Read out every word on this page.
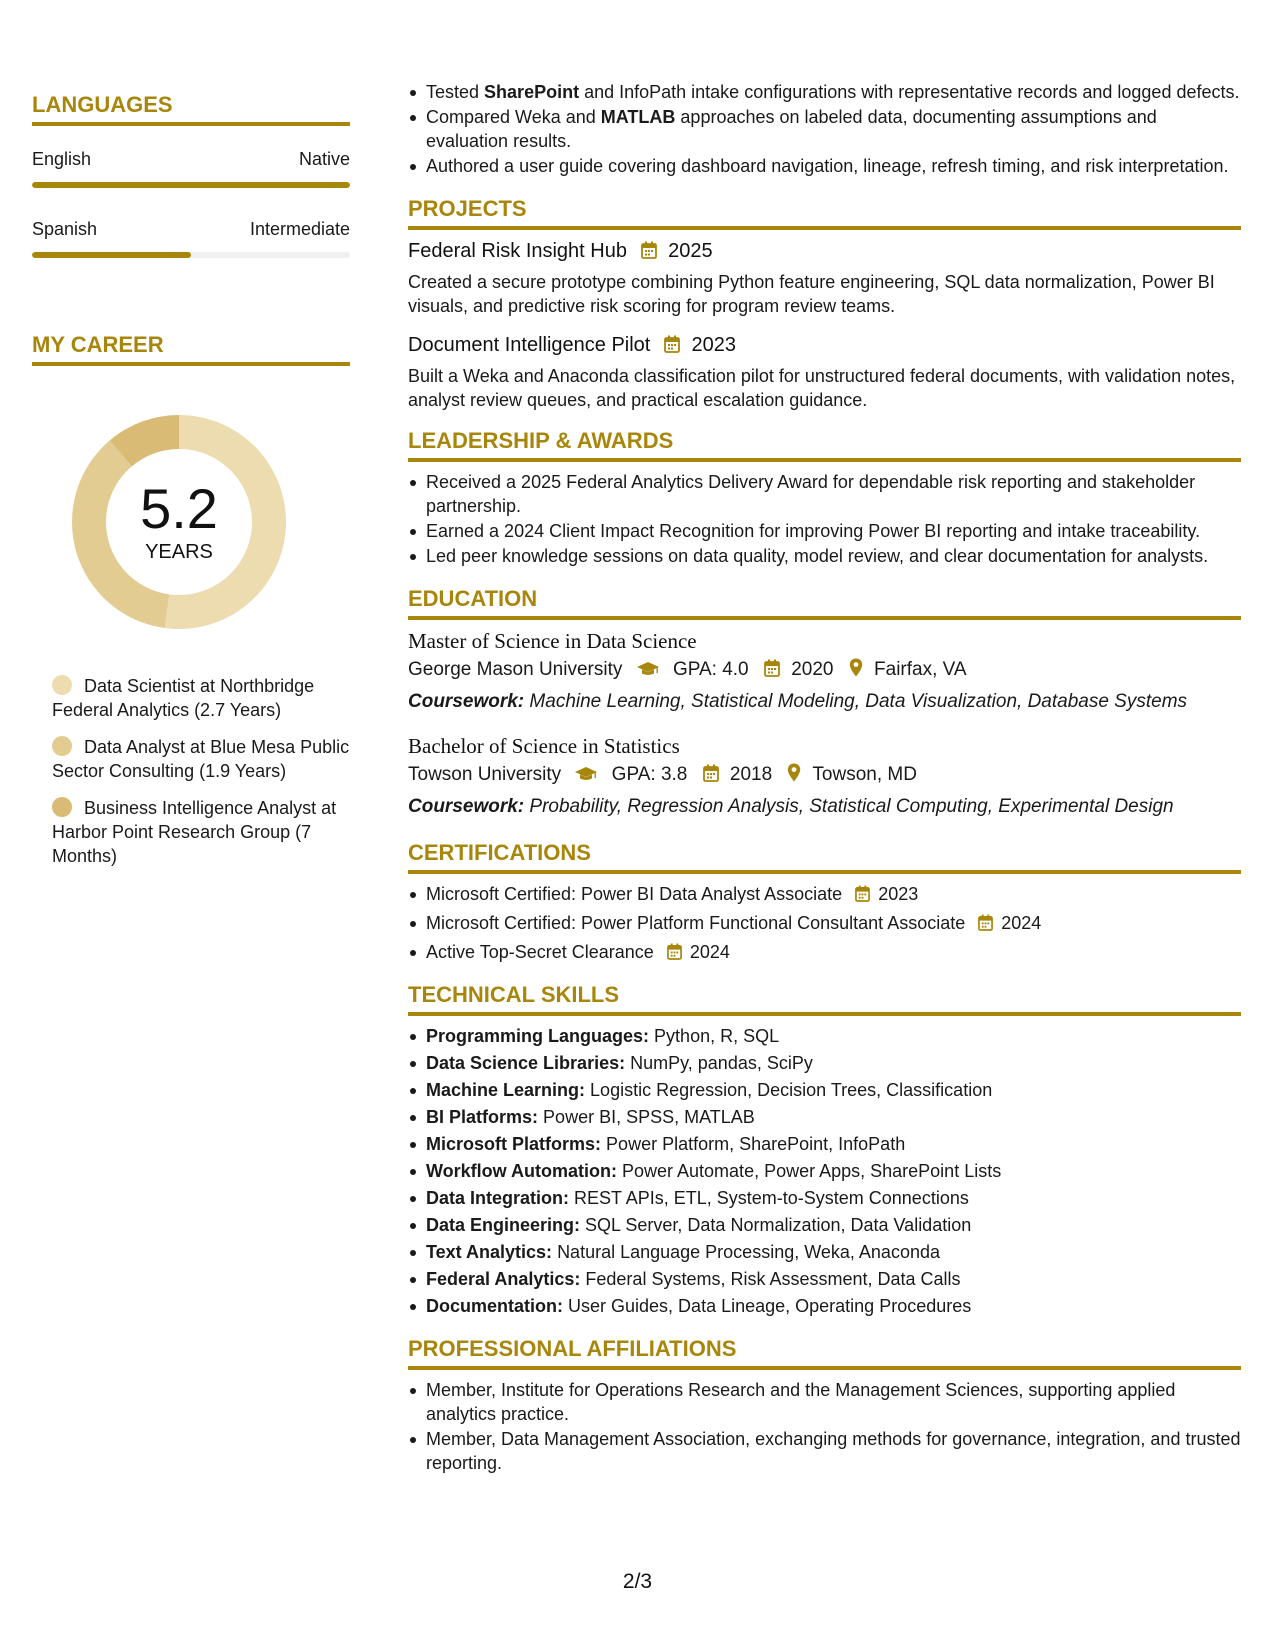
LANGUAGES
English	Native
Spanish	Intermediate
MY CAREER
5.2
YEARS
Data Scientist at Northbridge Federal Analytics (2.7 Years)
Data Analyst at Blue Mesa Public Sector Consulting (1.9 Years)
Business Intelligence Analyst at Harbor Point Research Group (7 Months)
Tested SharePoint and InfoPath intake configurations with representative records and logged defects.
Compared Weka and MATLAB approaches on labeled data, documenting assumptions and evaluation results.
Authored a user guide covering dashboard navigation, lineage, refresh timing, and risk interpretation.
PROJECTS
Federal Risk Insight Hub 2025
Created a secure prototype combining Python feature engineering, SQL data normalization, Power BI visuals, and predictive risk scoring for program review teams.
Document Intelligence Pilot 2023
Built a Weka and Anaconda classification pilot for unstructured federal documents, with validation notes, analyst review queues, and practical escalation guidance.
LEADERSHIP & AWARDS
Received a 2025 Federal Analytics Delivery Award for dependable risk reporting and stakeholder partnership.
Earned a 2024 Client Impact Recognition for improving Power BI reporting and intake traceability.
Led peer knowledge sessions on data quality, model review, and clear documentation for analysts.
EDUCATION
Master of Science in Data Science
George Mason University	GPA: 4.0 2020 Fairfax, VA
Coursework: Machine Learning, Statistical Modeling, Data Visualization, Database Systems
Bachelor of Science in Statistics
Towson University	GPA: 3.8 2018 Towson, MD
Coursework: Probability, Regression Analysis, Statistical Computing, Experimental Design
CERTIFICATIONS
Microsoft Certified: Power BI Data Analyst Associate 2023
Microsoft Certified: Power Platform Functional Consultant Associate 2024
Active Top-Secret Clearance 2024
TECHNICAL SKILLS
Programming Languages: Python, R, SQL
Data Science Libraries: NumPy, pandas, SciPy
Machine Learning: Logistic Regression, Decision Trees, Classification
BI Platforms: Power BI, SPSS, MATLAB
Microsoft Platforms: Power Platform, SharePoint, InfoPath
Workflow Automation: Power Automate, Power Apps, SharePoint Lists
Data Integration: REST APIs, ETL, System-to-System Connections
Data Engineering: SQL Server, Data Normalization, Data Validation
Text Analytics: Natural Language Processing, Weka, Anaconda
Federal Analytics: Federal Systems, Risk Assessment, Data Calls
Documentation: User Guides, Data Lineage, Operating Procedures
PROFESSIONAL AFFILIATIONS
Member, Institute for Operations Research and the Management Sciences, supporting applied analytics practice.
Member, Data Management Association, exchanging methods for governance, integration, and trusted reporting.
2/3
